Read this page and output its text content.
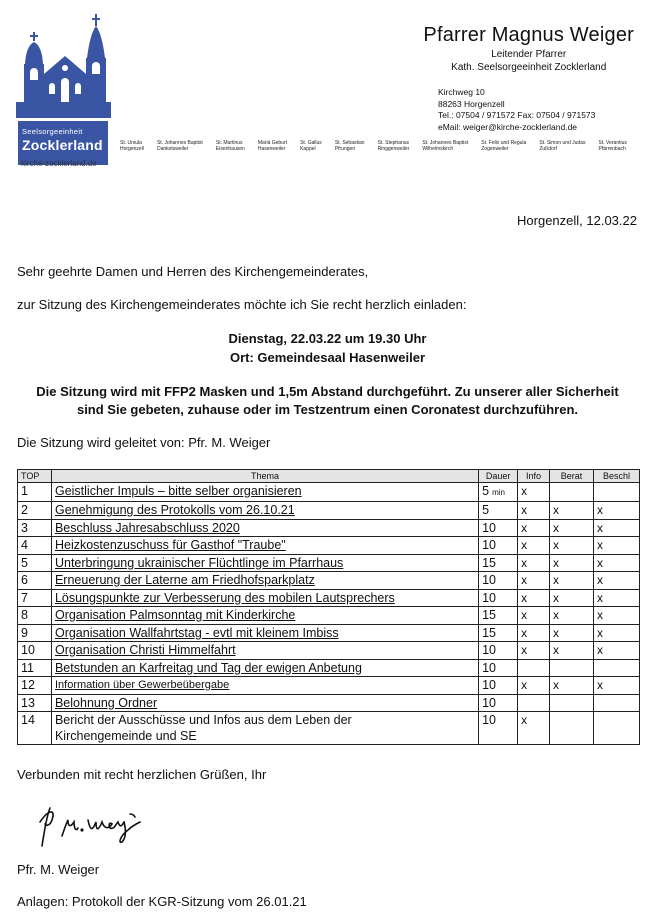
Seelsorgeeinheit
Zocklerland
kirche-zocklerland.de
Pfarrer Magnus Weiger
Leitender Pfarrer
Kath. Seelsorgeeinheit Zocklerland
Kirchweg 10
88263 Horgenzell
Tel.: 07504 / 971572 Fax: 07504 / 971573
eMail: weiger@kirche-zocklerland.de
St. Ursula
Horgenzell
St. Johannes Baptist
Danketsweiler
St. Martinus
Eisenhausen
Mariä Geburt
Hasenweiler
St. Gallus
Kappel
St. Sebastian
Pfrungen
St. Stephanus
Ringgenweiler
St. Johannes Baptist
Wilhelmskirch
St. Felix und Regula
Zogenweiler
St. Simon und Judas
Zußdorf
St. Verantius
Pfärrenbach
Horgenzell, 12.03.22
Sehr geehrte Damen und Herren des Kirchengemeinderates,
zur Sitzung des Kirchengemeinderates möchte ich Sie recht herzlich einladen:
Dienstag, 22.03.22 um 19.30 Uhr
Ort: Gemeindesaal Hasenweiler
Die Sitzung wird mit FFP2 Masken und 1,5m Abstand durchgeführt. Zu unserer aller Sicherheit
sind Sie gebeten, zuhause oder im Testzentrum einen Coronatest durchzuführen.
Die Sitzung wird geleitet von: Pfr. M. Weiger
TOP	Thema	Dauer	Info	Berat	Beschl
1	Geistlicher Impuls – bitte selber organisieren	5 min	x		
2	Genehmigung des Protokolls vom 26.10.21	5	x	x	x
3	Beschluss Jahresabschluss 2020	10	x	x	x
4	Heizkostenzuschuss für Gasthof "Traube"	10	x	x	x
5	Unterbringung ukrainischer Flüchtlinge im Pfarrhaus	15	x	x	x
6	Erneuerung der Laterne am Friedhofsparkplatz	10	x	x	x
7	Lösungspunkte zur Verbesserung des mobilen Lautsprechers	10	x	x	x
8	Organisation Palmsonntag mit Kinderkirche	15	x	x	x
9	Organisation Wallfahrtstag - evtl mit kleinem Imbiss	15	x	x	x
10	Organisation Christi Himmelfahrt	10	x	x	x
11	Betstunden an Karfreitag und Tag der ewigen Anbetung	10			
12	Information über Gewerbeübergabe	10	x	x	x
13	Belohnung Ordner	10			
14	Bericht der Ausschüsse und Infos aus dem Leben der
Kirchengemeinde und SE	10	x		
Verbunden mit recht herzlichen Grüßen, Ihr
Pfr. M. Weiger
Anlagen: Protokoll der KGR-Sitzung vom 26.01.21
